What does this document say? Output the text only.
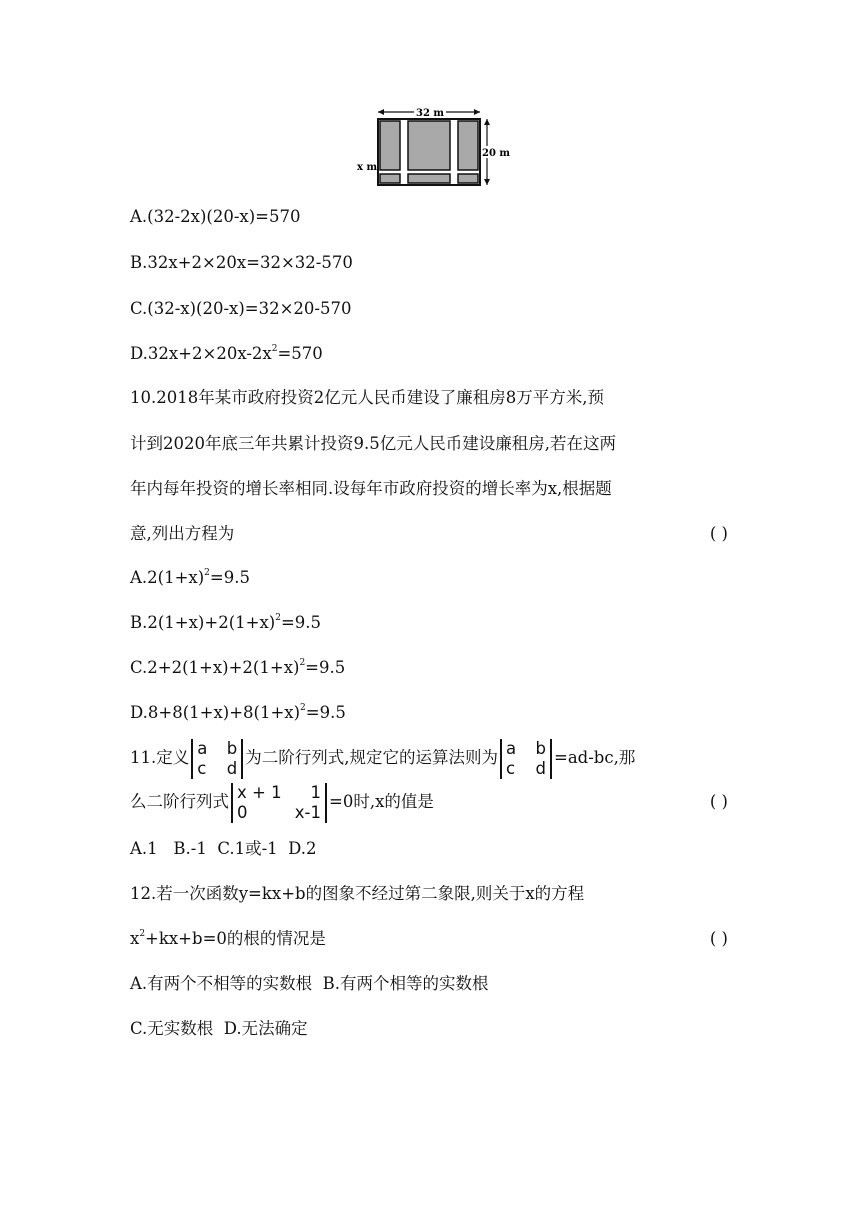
32 m
20 m
x m
A.(32-2x)(20-x)=570
B.32x+2×20x=32×32-570
C.(32-x)(20-x)=32×20-570
$D.32x+2\times 20x-2x^2=570$
10.2018年某市政府投资2亿元人民币建设了廉租房8万平方米,预
计到2020年底三年共累计投资9.5亿元人民币建设廉租房,若在这两
年内每年投资的增长率相同.设每年市政府投资的增长率为x,根据题
意,列出方程为	( )
$A.2(1+x)^2=9.5$
$B.2(1+x)+2(1+x)^2=9.5$
$C.2+2(1+x)+2(1+x)^2=9.5$
$D.8+8(1+x)+8(1+x)^2=9.5$
11.定义 a b
c d
为二阶行列式,规定它的运算法则为 a b
c d
=ad-bc,那
么二阶行列式 x + 1 1
0	x-1
=0时,x的值是	( )
A.1   B.-1  C.1或-1  D.2
12.若一次函数y=kx+b的图象不经过第二象限,则关于x的方程
$x^2+kx+b=0$的根的情况是	( )
A.有两个不相等的实数根  B.有两个相等的实数根
C.无实数根  D.无法确定
